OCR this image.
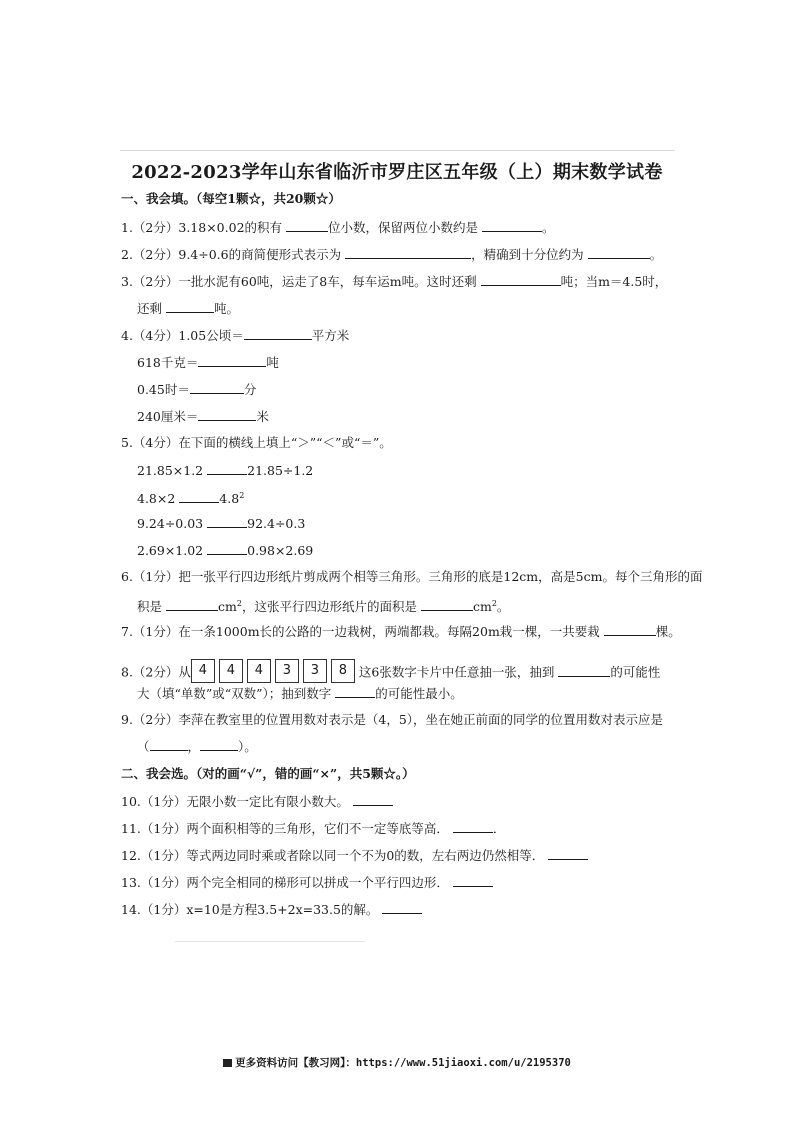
2022-2023学年山东省临沂市罗庄区五年级（上）期末数学试卷
一、我会填。（每空1颗☆，共20颗☆）
1.（2分）3.18×0.02的积有	位小数，保留两位小数约是	。
2.（2分）9.4÷0.6的商简便形式表示为	，精确到十分位约为	。
3.（2分）一批水泥有60吨，运走了8车，每车运m吨。这时还剩	吨；当m＝4.5时，
还剩	吨。
4.（4分）1.05公顷＝	平方米
618千克＝	吨
0.45时＝	分
240厘米＝	米
5.（4分）在下面的横线上填上“＞”“＜”或“＝”。
21.85×1.2	21.85÷1.2
4.8×2	$4.8^2$
9.24÷0.03	92.4÷0.3
2.69×1.02	0.98×2.69
6.（1分）把一张平行四边形纸片剪成两个相等三角形。三角形的底是12cm，高是5cm。每个三角形的面
积是	$cm^2$，这张平行四边形纸片的面积是	$cm^2$。
7.（1分）在一条1000m长的公路的一边栽树，两端都栽。每隔20m栽一棵，一共要栽	棵。
8.（2分）从 4 4 4 3 3 8 这6张数字卡片中任意抽一张，抽到	的可能性
大（填“单数”或“双数”）；抽到数字	的可能性最小。
9.（2分）李萍在教室里的位置用数对表示是（4，5），坐在她正前面的同学的位置用数对表示应是
（	，	）。
二、我会选。（对的画“√”，错的画“×”，共5颗☆。）
10.（1分）无限小数一定比有限小数大。
11.（1分）两个面积相等的三角形，它们不一定等底等高．	．
12.（1分）等式两边同时乘或者除以同一个不为0的数，左右两边仍然相等．
13.（1分）两个完全相同的梯形可以拼成一个平行四边形．
14.（1分）x=10是方程3.5+2x=33.5的解。
更多资料访问【教习网】：https://www.51jiaoxi.com/u/2195370
